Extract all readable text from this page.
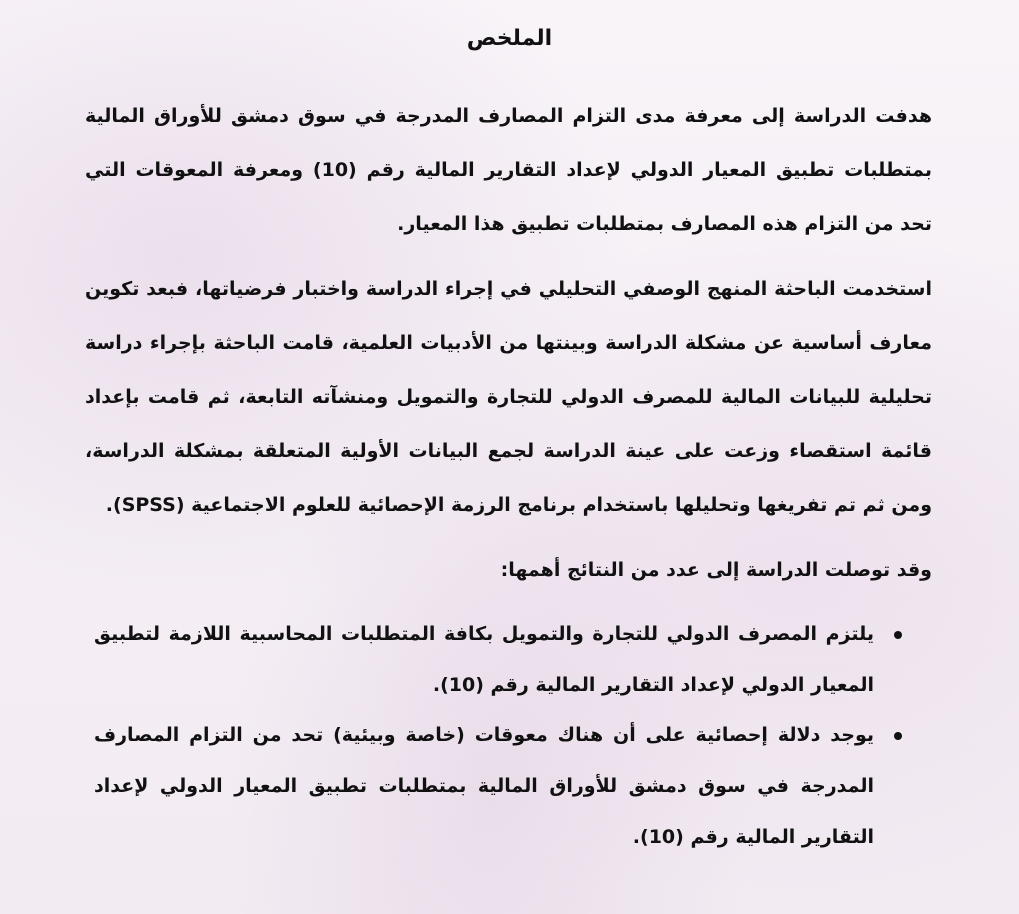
الملخص

هدفت الدراسة إلى معرفة مدى التزام المصارف المدرجة في سوق دمشق للأوراق المالية بمتطلبات تطبيق المعيار الدولي لإعداد التقارير المالية رقم (10) ومعرفة المعوقات التي تحد من التزام هذه المصارف بمتطلبات تطبيق هذا المعيار.

استخدمت الباحثة المنهج الوصفي التحليلي في إجراء الدراسة واختبار فرضياتها، فبعد تكوين معارف أساسية عن مشكلة الدراسة وبينتها من الأدبيات العلمية، قامت الباحثة بإجراء دراسة تحليلية للبيانات المالية للمصرف الدولي للتجارة والتمويل ومنشآته التابعة، ثم قامت بإعداد قائمة استقصاء وزعت على عينة الدراسة لجمع البيانات الأولية المتعلقة بمشكلة الدراسة، ومن ثم تم تفريغها وتحليلها باستخدام برنامج الرزمة الإحصائية للعلوم الاجتماعية (SPSS).

وقد توصلت الدراسة إلى عدد من النتائج أهمها:

يلتزم المصرف الدولي للتجارة والتمويل بكافة المتطلبات المحاسبية اللازمة لتطبيق المعيار الدولي لإعداد التقارير المالية رقم (10).
يوجد دلالة إحصائية على أن هناك معوقات (خاصة وبيئية) تحد من التزام المصارف المدرجة في سوق دمشق للأوراق المالية بمتطلبات تطبيق المعيار الدولي لإعداد التقارير المالية رقم (10).
